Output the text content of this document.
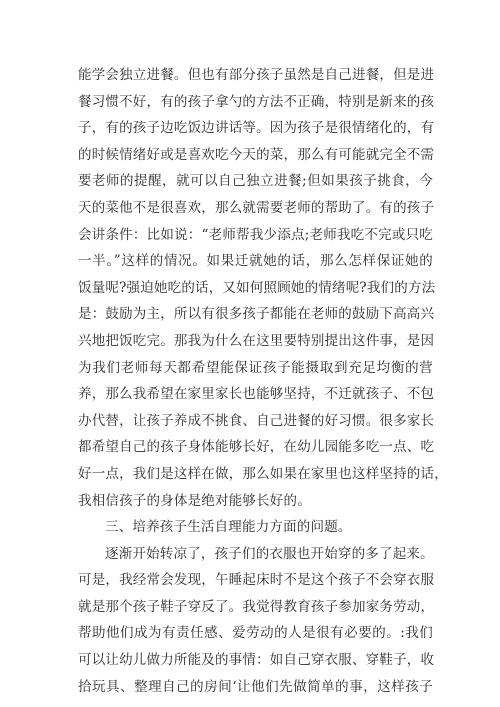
能学会独立进餐。但也有部分孩子虽然是自己进餐，但是进
餐习惯不好，有的孩子拿勺的方法不正确，特别是新来的孩
子，有的孩子边吃饭边讲话等。因为孩子是很情绪化的，有
的时候情绪好或是喜欢吃今天的菜，那么有可能就完全不需
要老师的提醒，就可以自己独立进餐;但如果孩子挑食，今
天的菜他不是很喜欢，那么就需要老师的帮助了。有的孩子
会讲条件：比如说：“老师帮我少添点;老师我吃不完或只吃
一半。”这样的情况。如果迁就她的话，那么怎样保证她的
饭量呢?强迫她吃的话，又如何照顾她的情绪呢?我们的方法
是：鼓励为主，所以有很多孩子都能在老师的鼓励下高高兴
兴地把饭吃完。那我为什么在这里要特别提出这件事，是因
为我们老师每天都希望能保证孩子能摄取到充足均衡的营
养，那么我希望在家里家长也能够坚持，不迁就孩子、不包
办代替，让孩子养成不挑食、自己进餐的好习惯。很多家长
都希望自己的孩子身体能够长好，在幼儿园能多吃一点、吃
好一点，我们是这样在做，那么如果在家里也这样坚持的话，
我相信孩子的身体是绝对能够长好的。
三、培养孩子生活自理能力方面的问题。
逐渐开始转凉了，孩子们的衣服也开始穿的多了起来。
可是，我经常会发现，午睡起床时不是这个孩子不会穿衣服
就是那个孩子鞋子穿反了。我觉得教育孩子参加家务劳动，
帮助他们成为有责任感、爱劳动的人是很有必要的。:我们
可以让幼儿做力所能及的事情：如自己穿衣服、穿鞋子，收
拾玩具、整理自己的房间‘让他们先做简单的事，这样孩子
